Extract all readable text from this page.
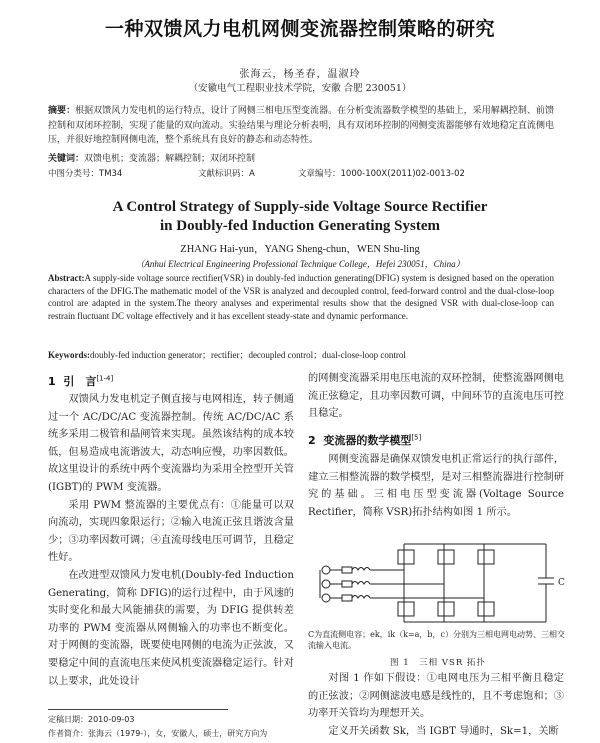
一种双馈风力电机网侧变流器控制策略的研究
张海云，杨圣春，温淑玲
（安徽电气工程职业技术学院，安徽 合肥 230051）
摘要：根据双馈风力发电机的运行特点，设计了网侧三相电压型变流器。在分析变流器数学模型的基础上，采用解耦控制、前馈控制和双闭环控制，实现了能量的双向流动。实验结果与理论分析表明，具有双闭环控制的网侧变流器能够有效地稳定直流侧电压，并很好地控制网侧电流，整个系统具有良好的静态和动态特性。
关键词：双馈电机；变流器；解耦控制；双闭环控制
中图分类号：TM34	文献标识码：A	文章编号：1000-100X(2011)02-0013-02
A Control Strategy of Supply-side Voltage Source Rectifier
in Doubly-fed Induction Generating System
ZHANG Hai-yun，YANG Sheng-chun，WEN Shu-ling
（Anhui Electrical Engineering Professional Technique College，Hefei 230051，China）
Abstract:A supply-side voltage source rectifier(VSR) in doubly-fed induction generating(DFIG) system is designed based on the operation characters of the DFIG.The mathematic model of the VSR is analyzed and decoupled control, feed-forward control and the dual-close-loop control are adapted in the system.The theory analyses and experimental results show that the designed VSR with dual-close-loop can restrain fluctuant DC voltage effectively and it has excellent steady-state and dynamic performance.
Keywords:doubly-fed induction generator；rectifier；decoupled control；dual-close-loop control
1 引　言[1-4]

双馈风力发电机定子侧直接与电网相连，转子侧通过一个 AC/DC/AC 变流器控制。传统 AC/DC/AC 系统多采用二极管和晶闸管来实现。虽然该结构的成本较低，但易造成电流谐波大，动态响应慢，功率因数低。故这里设计的系统中两个变流器均为采用全控型开关管(IGBT)的 PWM 变流器。

采用 PWM 整流器的主要优点有：①能量可以双向流动，实现四象限运行；②输入电流正弦且谐波含量少；③功率因数可调；④直流母线电压可调节，且稳定性好。

在改进型双馈风力发电机(Doubly-fed Induction Generating，简称 DFIG)的运行过程中，由于风速的实时变化和最大风能捕获的需要，为 DFIG 提供转差功率的 PWM 变流器从网侧输入的功率也不断变化。对于网侧的变流器，既要使电网侧的电流为正弦波，又要稳定中间的直流电压来使风机变流器稳定运行。针对以上要求，此处设计

的网侧变流器采用电压电流的双环控制，使整流器网侧电流正弦稳定，且功率因数可调，中间环节的直流电压可控且稳定。

2 变流器的数学模型[5]

网侧变流器是确保双馈发电机正常运行的执行部件，建立三相整流器的数学模型，是对三相整流器进行控制研究的基础。三相电压型变流器(Voltage Source Rectifier，简称 VSR)拓扑结构如图 1 所示。

C
C为直流侧电容；ek，ik（k=a，b，c）分别为三相电网电动势、三相交流输入电流。
图 1　三相 VSR 拓扑

对图 1 作如下假设：①电网电压为三相平衡且稳定的正弦波；②网侧滤波电感是线性的，且不考虑饱和；③功率开关管均为理想开关。

定义开关函数 Sk，当 IGBT 导通时，Sk=1，关断

定稿日期：2010-09-03
作者简介：张海云（1979-），女，安徽人，硕士，研究方向为
